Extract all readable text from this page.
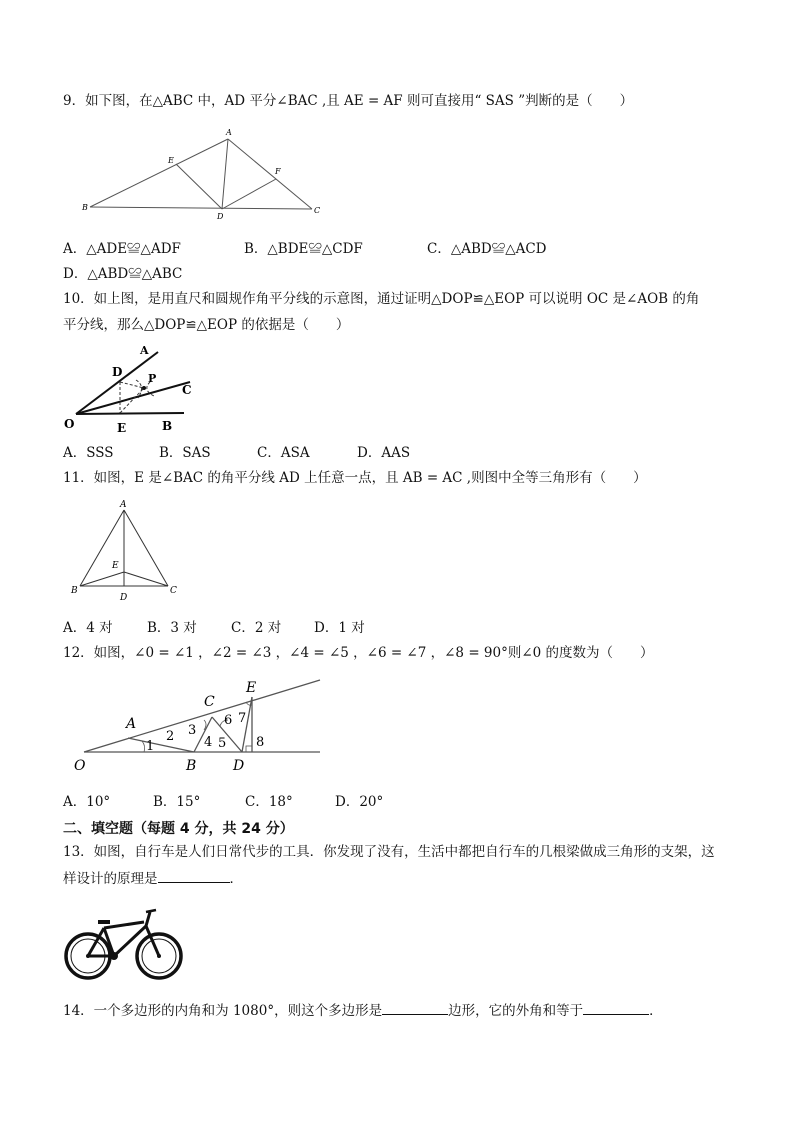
9．如下图，在△ABC 中，AD 平分∠BAC ,且 AE = AF 则可直接用“ SAS ”判断的是（　　）
A
B	C
D
E
F
A．△ADE≌△ADF	B．△BDE≌△CDF	C．△ABD≌△ACD
D．△ABD≌△ABC
10．如上图，是用直尺和圆规作角平分线的示意图，通过证明△DOP≌△EOP 可以说明 OC 是∠AOB 的角
平分线，那么△DOP≌△EOP 的依据是（　　）
A
C
D P
O	E	B
A．SSS	B．SAS	C．ASA	D．AAS
11．如图，E 是∠BAC 的角平分线 AD 上任意一点，且 AB = AC ,则图中全等三角形有（　　）
A
E
B
D
C
A．4 对	B．3 对	C．2 对 D．1 对
12．如图，∠0 = ∠1 ，∠2 = ∠3 ，∠4 = ∠5 ，∠6 = ∠7 ，∠8 = 90°则∠0 的度数为（　　）
A
C
E
O	B	D
1
2 3
4 5
6 7
8
A．10°	B．15°	C．18°	D．20°
二、填空题（每题 4 分，共 24 分）
13．如图，自行车是人们日常代步的工具．你发现了没有，生活中都把自行车的几根梁做成三角形的支架，这
样设计的原理是	．
14．一个多边形的内角和为 1080°，则这个多边形是	边形，它的外角和等于	．
